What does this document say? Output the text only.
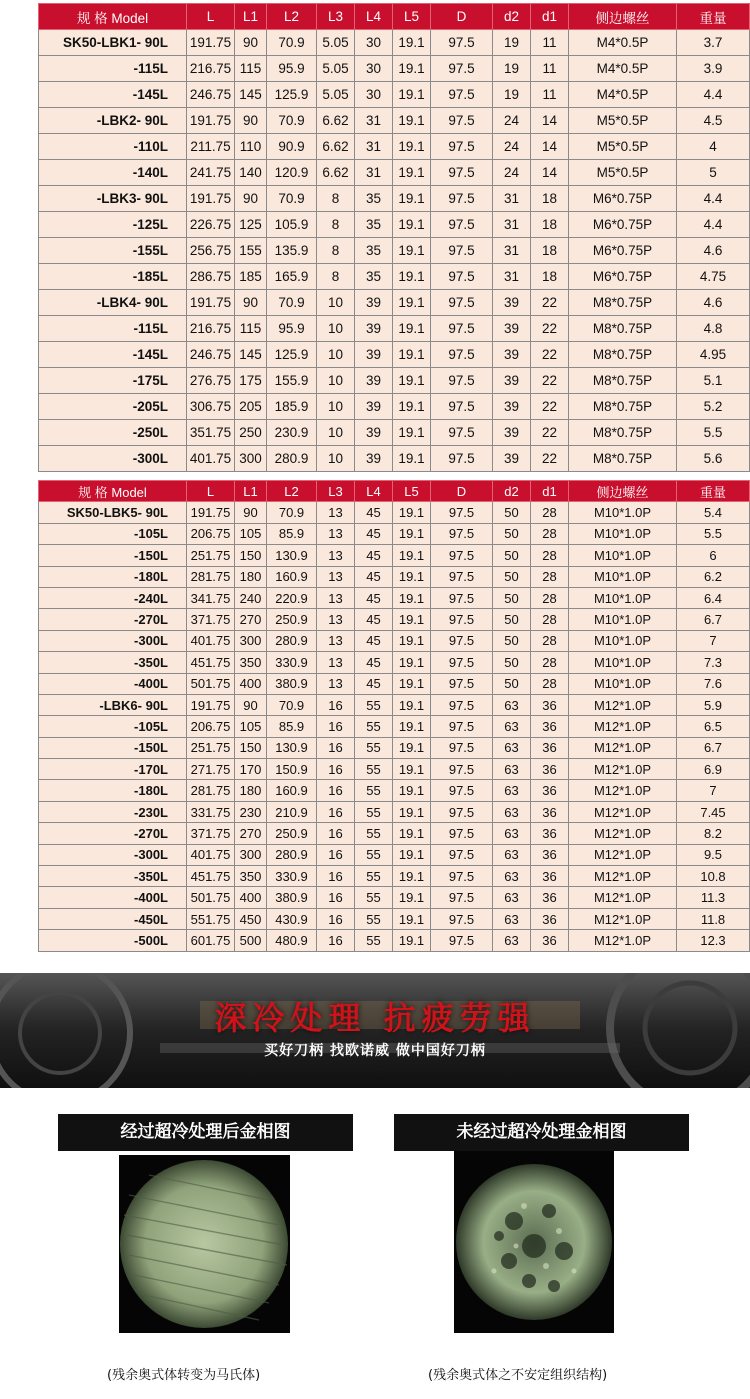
规 格 Model	L	L1	L2	L3	L4	L5	D	d2	d1	侧边螺丝	重量
SK50-LBK1- 90L	191.75	90	70.9	5.05	30	19.1	97.5	19	11	M4*0.5P	3.7
-115L	216.75	115	95.9	5.05	30	19.1	97.5	19	11	M4*0.5P	3.9
-145L	246.75	145	125.9	5.05	30	19.1	97.5	19	11	M4*0.5P	4.4
-LBK2- 90L	191.75	90	70.9	6.62	31	19.1	97.5	24	14	M5*0.5P	4.5
-110L	211.75	110	90.9	6.62	31	19.1	97.5	24	14	M5*0.5P	4
-140L	241.75	140	120.9	6.62	31	19.1	97.5	24	14	M5*0.5P	5
-LBK3- 90L	191.75	90	70.9	8	35	19.1	97.5	31	18	M6*0.75P	4.4
-125L	226.75	125	105.9	8	35	19.1	97.5	31	18	M6*0.75P	4.4
-155L	256.75	155	135.9	8	35	19.1	97.5	31	18	M6*0.75P	4.6
-185L	286.75	185	165.9	8	35	19.1	97.5	31	18	M6*0.75P	4.75
-LBK4- 90L	191.75	90	70.9	10	39	19.1	97.5	39	22	M8*0.75P	4.6
-115L	216.75	115	95.9	10	39	19.1	97.5	39	22	M8*0.75P	4.8
-145L	246.75	145	125.9	10	39	19.1	97.5	39	22	M8*0.75P	4.95
-175L	276.75	175	155.9	10	39	19.1	97.5	39	22	M8*0.75P	5.1
-205L	306.75	205	185.9	10	39	19.1	97.5	39	22	M8*0.75P	5.2
-250L	351.75	250	230.9	10	39	19.1	97.5	39	22	M8*0.75P	5.5
-300L	401.75	300	280.9	10	39	19.1	97.5	39	22	M8*0.75P	5.6
规 格 Model	L	L1	L2	L3	L4	L5	D	d2	d1	侧边螺丝	重量
SK50-LBK5- 90L	191.75	90	70.9	13	45	19.1	97.5	50	28	M10*1.0P	5.4
-105L	206.75	105	85.9	13	45	19.1	97.5	50	28	M10*1.0P	5.5
-150L	251.75	150	130.9	13	45	19.1	97.5	50	28	M10*1.0P	6
-180L	281.75	180	160.9	13	45	19.1	97.5	50	28	M10*1.0P	6.2
-240L	341.75	240	220.9	13	45	19.1	97.5	50	28	M10*1.0P	6.4
-270L	371.75	270	250.9	13	45	19.1	97.5	50	28	M10*1.0P	6.7
-300L	401.75	300	280.9	13	45	19.1	97.5	50	28	M10*1.0P	7
-350L	451.75	350	330.9	13	45	19.1	97.5	50	28	M10*1.0P	7.3
-400L	501.75	400	380.9	13	45	19.1	97.5	50	28	M10*1.0P	7.6
-LBK6- 90L	191.75	90	70.9	16	55	19.1	97.5	63	36	M12*1.0P	5.9
-105L	206.75	105	85.9	16	55	19.1	97.5	63	36	M12*1.0P	6.5
-150L	251.75	150	130.9	16	55	19.1	97.5	63	36	M12*1.0P	6.7
-170L	271.75	170	150.9	16	55	19.1	97.5	63	36	M12*1.0P	6.9
-180L	281.75	180	160.9	16	55	19.1	97.5	63	36	M12*1.0P	7
-230L	331.75	230	210.9	16	55	19.1	97.5	63	36	M12*1.0P	7.45
-270L	371.75	270	250.9	16	55	19.1	97.5	63	36	M12*1.0P	8.2
-300L	401.75	300	280.9	16	55	19.1	97.5	63	36	M12*1.0P	9.5
-350L	451.75	350	330.9	16	55	19.1	97.5	63	36	M12*1.0P	10.8
-400L	501.75	400	380.9	16	55	19.1	97.5	63	36	M12*1.0P	11.3
-450L	551.75	450	430.9	16	55	19.1	97.5	63	36	M12*1.0P	11.8
-500L	601.75	500	480.9	16	55	19.1	97.5	63	36	M12*1.0P	12.3
深冷处理 抗疲劳强

买好刀柄 找欧诺威 做中国好刀柄

经过超冷处理后金相图	未经过超冷处理金相图
(残余奥式体转变为马氏体)	(残余奥式体之不安定组织结构)
